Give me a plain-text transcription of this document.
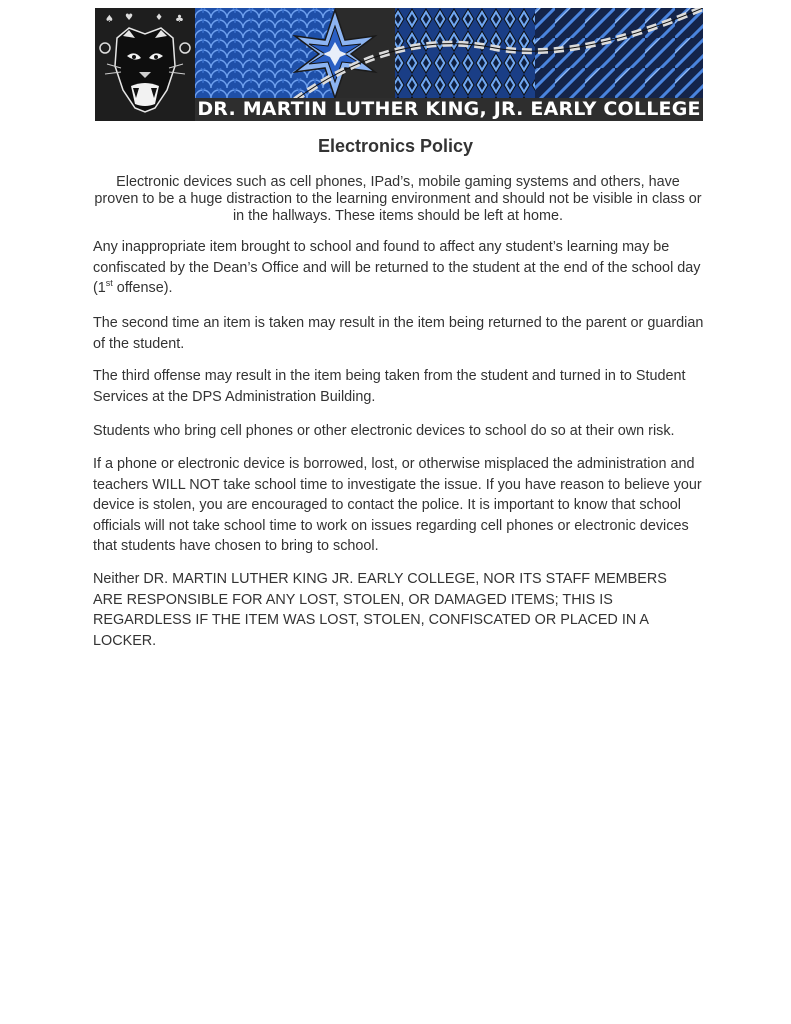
♠ ♥ ♦ ♣
DR. MARTIN LUTHER KING, JR. EARLY COLLEGE
Electronics Policy
Electronic devices such as cell phones, IPad’s, mobile gaming systems and others, have proven to be a huge distraction to the learning environment and should not be visible in class or in the hallways. These items should be left at home.
Any inappropriate item brought to school and found to affect any student’s learning may be confiscated by the Dean’s Office and will be returned to the student at the end of the school day (1st offense).
The second time an item is taken may result in the item being returned to the parent or guardian of the student.
The third offense may result in the item being taken from the student and turned in to Student Services at the DPS Administration Building.
Students who bring cell phones or other electronic devices to school do so at their own risk.
If a phone or electronic device is borrowed, lost, or otherwise misplaced the administration and teachers WILL NOT take school time to investigate the issue. If you have reason to believe your device is stolen, you are encouraged to contact the police. It is important to know that school officials will not take school time to work on issues regarding cell phones or electronic devices that students have chosen to bring to school.
Neither DR. MARTIN LUTHER KING JR. EARLY COLLEGE, NOR ITS STAFF MEMBERS ARE RESPONSIBLE FOR ANY LOST, STOLEN, OR DAMAGED ITEMS; THIS IS REGARDLESS IF THE ITEM WAS LOST, STOLEN, CONFISCATED OR PLACED IN A LOCKER.
